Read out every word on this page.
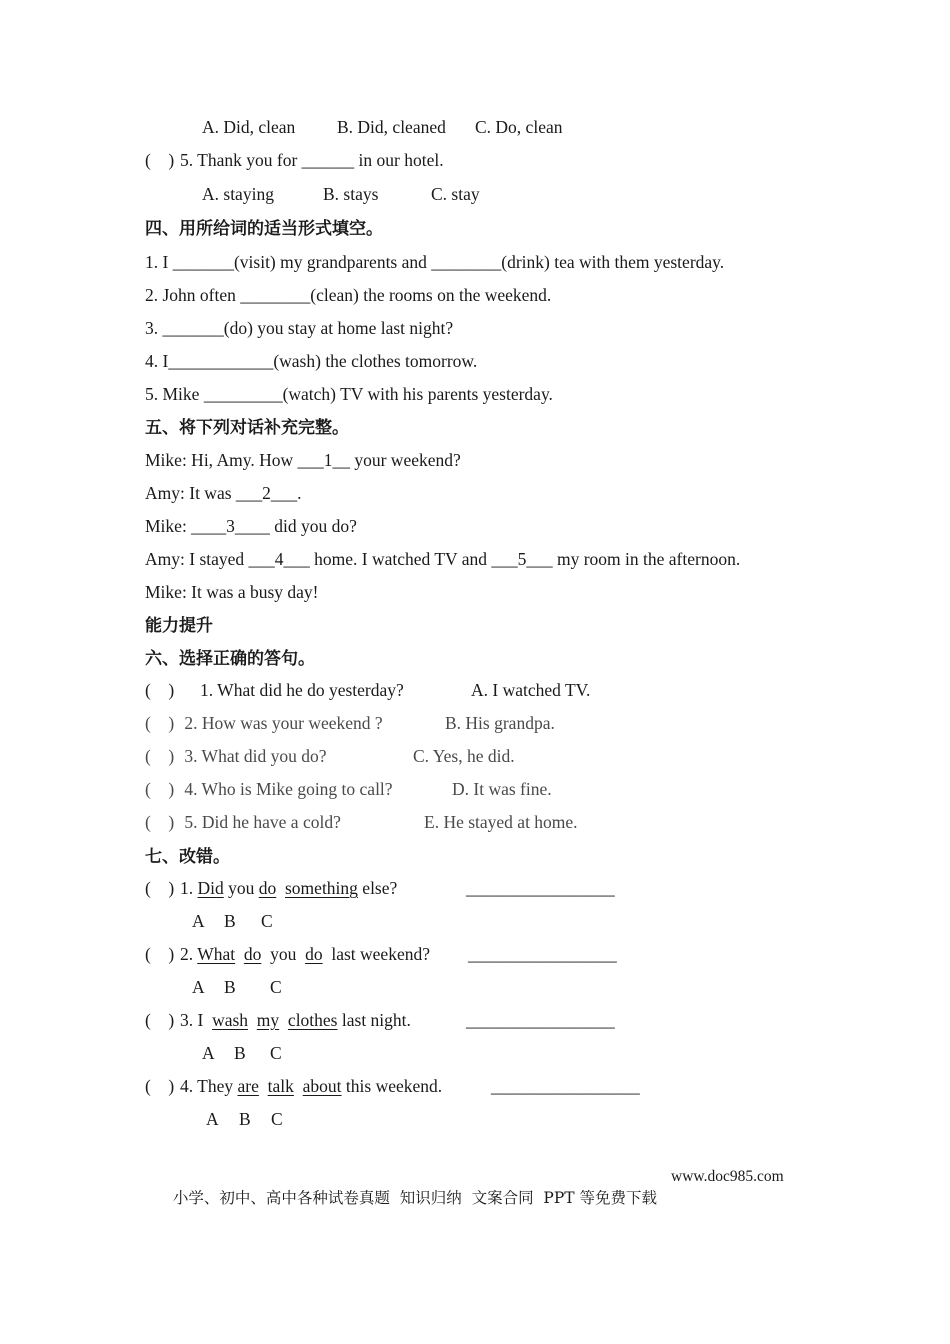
A. Did, clean B. Did, cleaned C. Do, clean
(    ) 5. Thank you for ______ in our hotel.
A. staying	B. stays	C. stay
四、用所给词的适当形式填空。
1. I _______(visit) my grandparents and ________(drink) tea with them yesterday.
2. John often ________(clean) the rooms on the weekend.
3. _______(do) you stay at home last night?
4. I____________(wash) the clothes tomorrow.
5. Mike _________(watch) TV with his parents yesterday.
五、将下列对话补充完整。
Mike: Hi, Amy. How ___1__ your weekend?
Amy: It was ___2___.
Mike: ____3____ did you do?
Amy: I stayed ___4___ home. I watched TV and ___5___ my room in the afternoon.
Mike: It was a busy day!
能力提升
六、选择正确的答句。
(    ) 1. What did he do yesterday?	A. I watched TV.
(    ) 2. How was your weekend ?	B. His grandpa.
(    ) 3. What did you do?	C. Yes, he did.
(    ) 4. Who is Mike going to call?	D. It was fine.
(    ) 5. Did he have a cold?	E. He stayed at home.
七、改错。
(    ) 1. Did you do something else?	_________________
A B C
(    ) 2. What do  you  do  last weekend? _________________
A B C
(    ) 3. I  wash my clothes last night.	_________________
A B C
(    ) 4. They are talk about this weekend.	_________________
A B C

小学、初中、高中各种试卷真题  知识归纳  文案合同  PPT 等免费下载

www.doc985.com
